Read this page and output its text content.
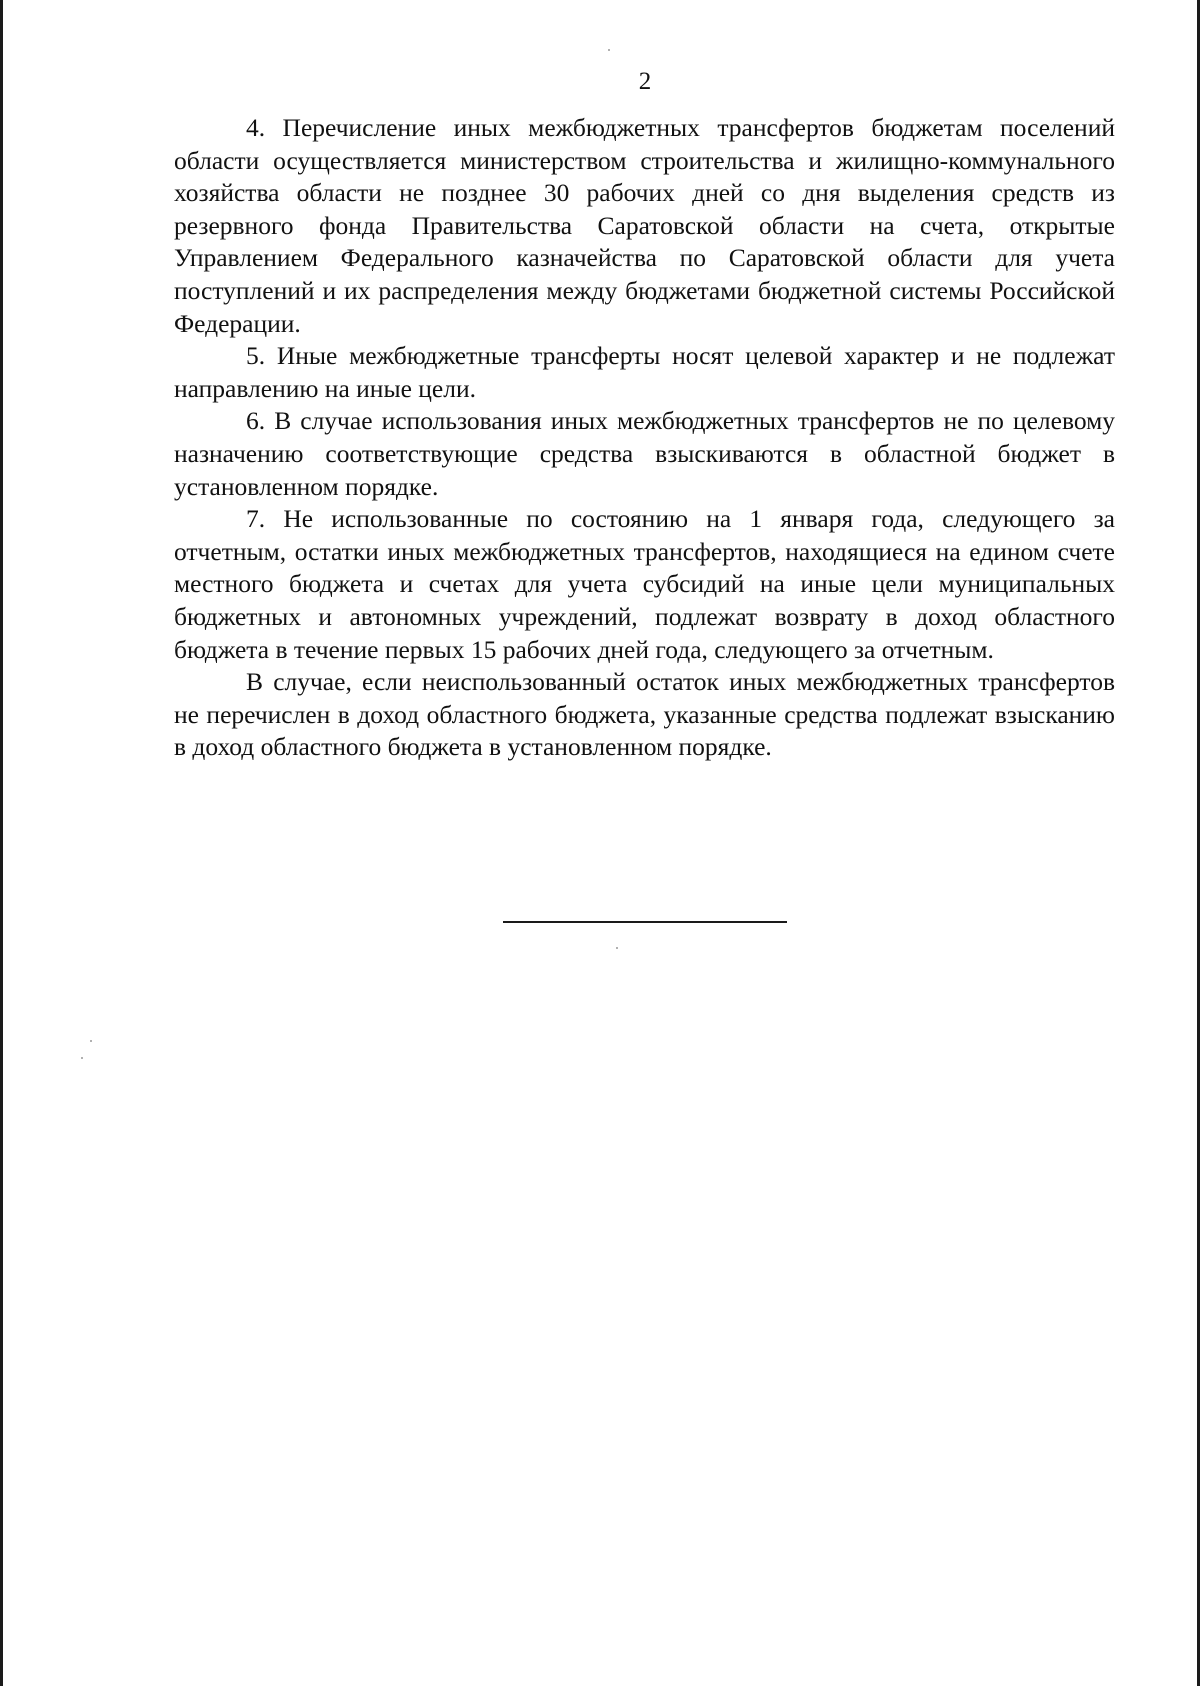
2

4. Перечисление иных межбюджетных трансфертов бюджетам поселений области осуществляется министерством строительства и жилищно-коммунального хозяйства области не позднее 30 рабочих дней со дня выделения средств из резервного фонда Правительства Саратовской области на счета, открытые Управлением Федерального казначейства по Саратовской области для учета поступлений и их распределения между бюджетами бюджетной системы Российской Федерации.

5. Иные межбюджетные трансферты носят целевой характер и не подлежат направлению на иные цели.

6. В случае использования иных межбюджетных трансфертов не по целевому назначению соответствующие средства взыскиваются в областной бюджет в установленном порядке.

7. Не использованные по состоянию на 1 января года, следующего за отчетным, остатки иных межбюджетных трансфертов, находящиеся на едином счете местного бюджета и счетах для учета субсидий на иные цели муниципальных бюджетных и автономных учреждений, подлежат возврату в доход областного бюджета в течение первых 15 рабочих дней года, следующего за отчетным.

В случае, если неиспользованный остаток иных межбюджетных трансфертов не перечислен в доход областного бюджета, указанные средства подлежат взысканию в доход областного бюджета в установленном порядке.
